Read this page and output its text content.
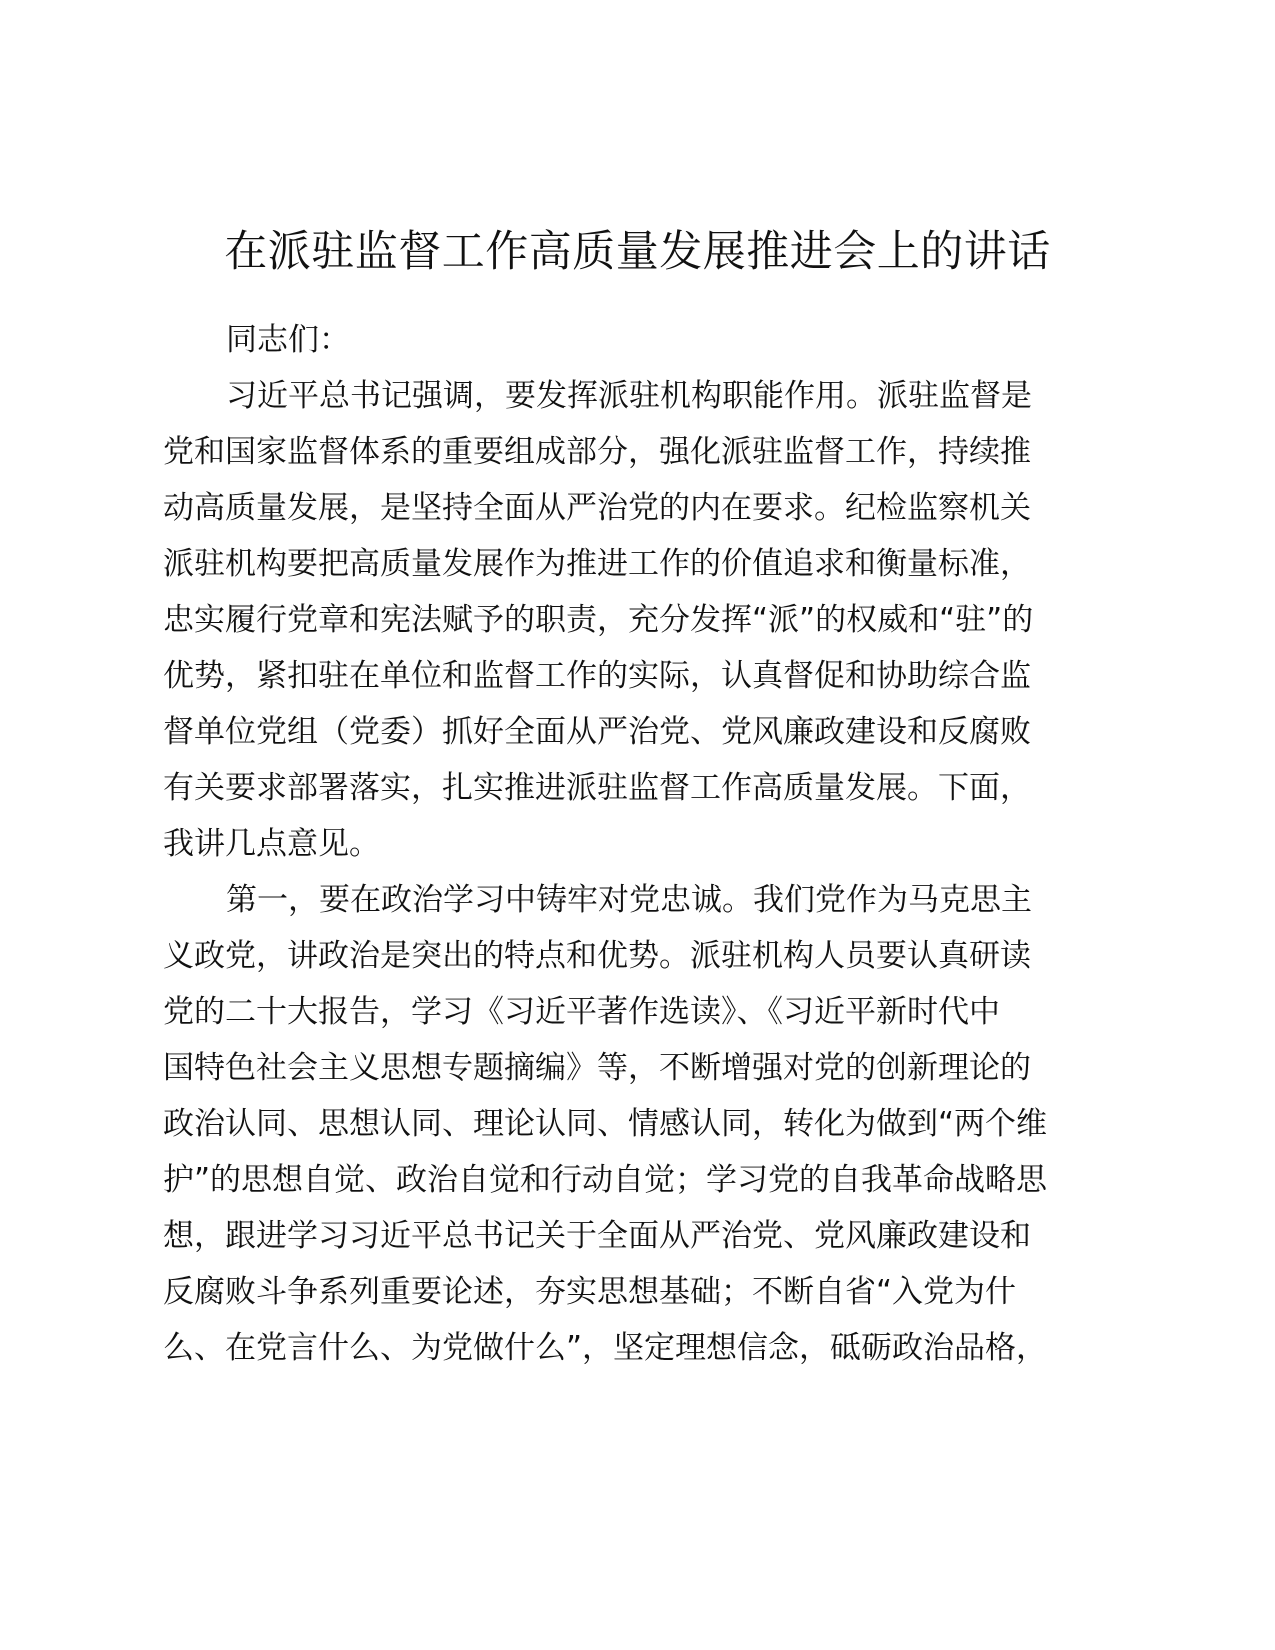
在派驻监督工作高质量发展推进会上的讲话
同志们：
习近平总书记强调，要发挥派驻机构职能作用。派驻监督是
党和国家监督体系的重要组成部分，强化派驻监督工作，持续推
动高质量发展，是坚持全面从严治党的内在要求。纪检监察机关
派驻机构要把高质量发展作为推进工作的价值追求和衡量标准，
忠实履行党章和宪法赋予的职责，充分发挥“派”的权威和“驻”的
优势，紧扣驻在单位和监督工作的实际，认真督促和协助综合监
督单位党组（党委）抓好全面从严治党、党风廉政建设和反腐败
有关要求部署落实，扎实推进派驻监督工作高质量发展。下面，
我讲几点意见。
第一，要在政治学习中铸牢对党忠诚。我们党作为马克思主
义政党，讲政治是突出的特点和优势。派驻机构人员要认真研读
党的二十大报告，学习《习近平著作选读》、《习近平新时代中
国特色社会主义思想专题摘编》等，不断增强对党的创新理论的
政治认同、思想认同、理论认同、情感认同，转化为做到“两个维
护”的思想自觉、政治自觉和行动自觉；学习党的自我革命战略思
想，跟进学习习近平总书记关于全面从严治党、党风廉政建设和
反腐败斗争系列重要论述，夯实思想基础；不断自省“入党为什
么、在党言什么、为党做什么”，坚定理想信念，砥砺政治品格，
